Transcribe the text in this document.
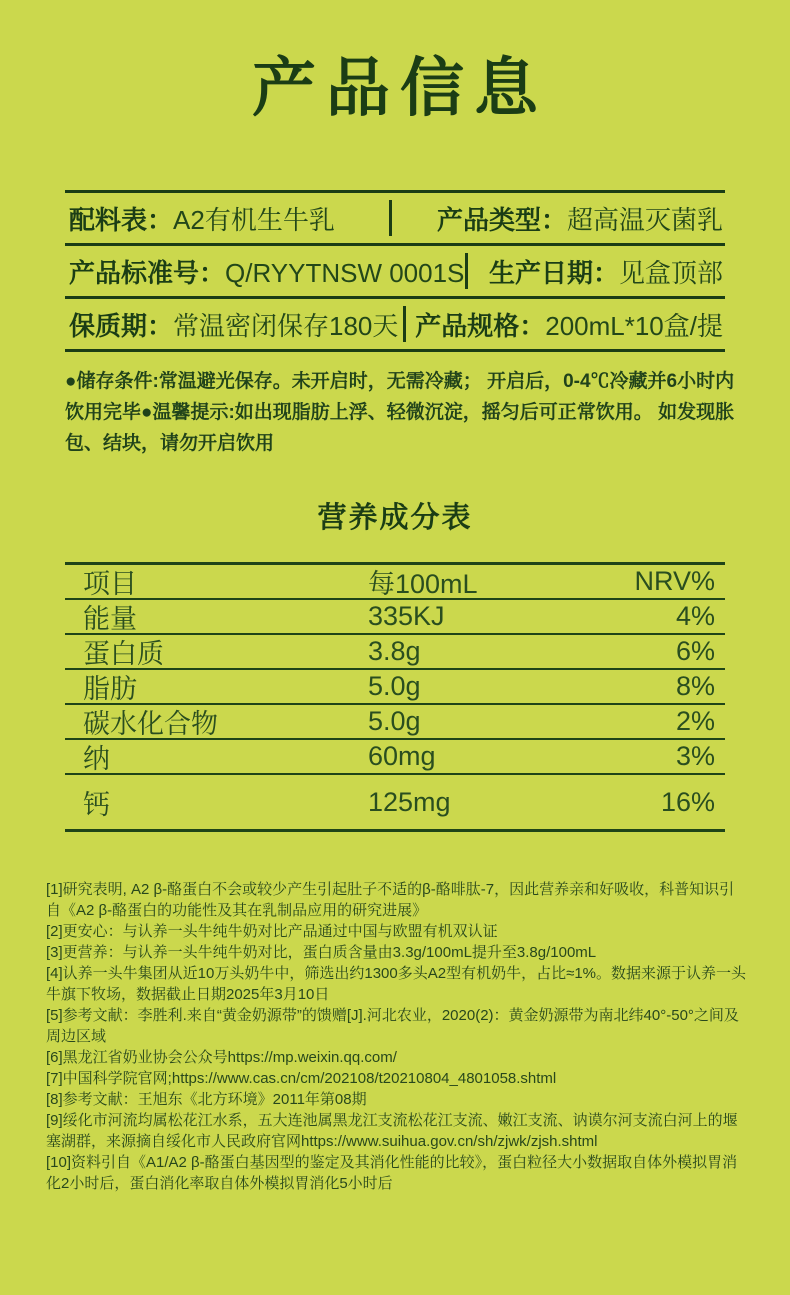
产品信息
配料表：A2有机生牛乳	产品类型：超高温灭菌乳
产品标准号：Q/RYYTNSW 0001S 生产日期：见盒顶部
保质期：常温密闭保存180天 产品规格：200mL*10盒/提
●储存条件:常温避光保存。未开启时，无需冷藏； 开启后，0-4℃冷藏并6小时内饮用完毕●温馨提示:如出现脂肪上浮、轻微沉淀，摇匀后可正常饮用。 如发现胀包、结块，请勿开启饮用
营养成分表
项目	每100mL	NRV%
能量	335KJ	4%
蛋白质	3.8g	6%
脂肪	5.0g	8%
碳水化合物	5.0g	2%
纳	60mg	3%
钙	125mg	16%
[1]研究表明, A2 β-酪蛋白不会或较少产生引起肚子不适的β-酪啡肽-7，因此营养亲和好吸收，科普知识引自《A2 β-酪蛋白的功能性及其在乳制品应用的研究进展》
[2]更安心：与认养一头牛纯牛奶对比产品通过中国与欧盟有机双认证
[3]更营养：与认养一头牛纯牛奶对比，蛋白质含量由3.3g/100mL提升至3.8g/100mL
[4]认养一头牛集团从近10万头奶牛中，筛选出约1300多头A2型有机奶牛，占比≈1%。数据来源于认养一头牛旗下牧场，数据截止日期2025年3月10日
[5]参考文献：李胜利.来自“黄金奶源带”的馈赠[J].河北农业，2020(2)：黄金奶源带为南北纬40°-50°之间及周边区域
[6]黑龙江省奶业协会公众号https://mp.weixin.qq.com/
[7]中国科学院官网;https://www.cas.cn/cm/202108/t20210804_4801058.shtml
[8]参考文献：王旭东《北方环境》2011年第08期
[9]绥化市河流均属松花江水系，五大连池属黑龙江支流松花江支流、嫩江支流、讷谟尔河支流白河上的堰塞湖群，来源摘自绥化市人民政府官网https://www.suihua.gov.cn/sh/zjwk/zjsh.shtml
[10]资料引自《A1/A2 β-酪蛋白基因型的鉴定及其消化性能的比较》，蛋白粒径大小数据取自体外模拟胃消化2小时后，蛋白消化率取自体外模拟胃消化5小时后
